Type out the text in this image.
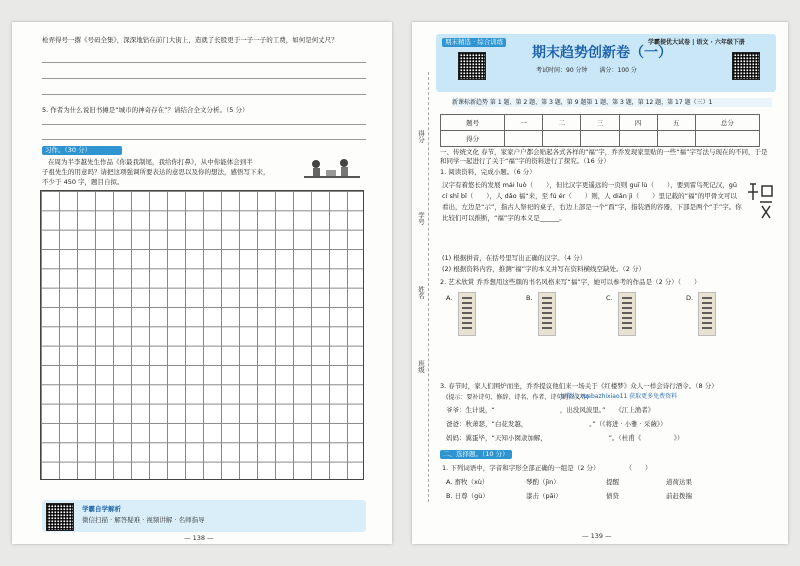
枪弄得号一撂《号码全集》，深深地钻在前门大街上，造就了长股更于一子一子的工费，如何是何丈尺？
5. 作者为什么说旧书摊是“城市的神奇存在”？请结合全文分析。（5 分）
习作。（30 分）
在周为半李越先生作品《你最我制尾，我给你打鼻》，从中你能体会到半
子祖先生的用意吗？请把这项强调所要表达的意思以及你的想法，感悟写下来，
不少于 450 字，题目自拟。
学霸自学解析
微信扫描 · 解答疑难 · 视频讲解 · 名师指导
— 138 —
得分
学号
姓名
班级
期末精选 · 综合训练	学霸提优大试卷 | 语文 · 六年级下册
期末趋势创新卷（一）
考试时间：90 分钟　　满分：100 分
新课标新趋势 第 1 题、第 2 题、第 3 题，第 9 题第 1 题，第 3 题，第 12 题，第 17 题（三）1
题号	一	二	三	四	五	总分
得分						
一、传统文化 春节，家家户户都会贴起各式各样的“福”字，乔乔发现家里贴的一些“福”字写法与现在的不同，于是和同学一起进行了关于“福”字的资料进行了探究。（16 分）
1. 阅读资料，完成小题。（6 分）
汉字有着悠长的发展 mái luò（　　），但比汉字更遥远的一页则 guī lù（　　），要到雷鸟死记汉，gū cí shī bǐ（　　），人 dǎo 福“来，至 fú ér（　　）则，人 diǎn jì（　　）里记载的“福”的甲骨文可以看出，左边是“示”，指古人祭祀的桌子，右边上部是一个“酉”字，指装酒的容器，下部是两个“手”字。你比较们可以推断，“福”字的本义是______。
(1) 根据拼音，在括号里写出正确的汉字。（4 分）
(2) 根据资料内容，推测“福”字的本义并写在资料横线空缺处。（2 分）
2. 艺术欣赏 乔乔想用这些颜的书名风格来写“福”字，她可以参考的作品是（2 分）（　　）
A.	B.	C.	D.
3. 春节时，家人们围炉而坐，乔乔提议他们来一场关于《红楼梦》众人一样会诗行酒令。（8 分）
(提示：要补诗句、修辞、诗名、作者、诗句的含义等)
加微信 xuebazhixiao11 获取更多免费资料
爷爷：生计说，“　　　　　　　　　　，出没风波里。”　　《江上渔者》
爸爸：秋萧瑟，“白花发越，　　　　　　　　　　。”（《将进 · 小雅 · 采薇》）
妈妈：翼蛋毕，“天知小囡隶加解，　　　　　　　　　　”。（杜甫《　　　　　》）
二、选择题。（10 分）
1. 下列词语中，字音和字形全部正确的一组是（2 分）　　　　　（　　）
A. 畜牧（xù）	琴酌（jìn）	提醒	道荷达果
B. 日尊（gù）	漆击（pāi）	债贷	前赶拨揣
— 139 —
